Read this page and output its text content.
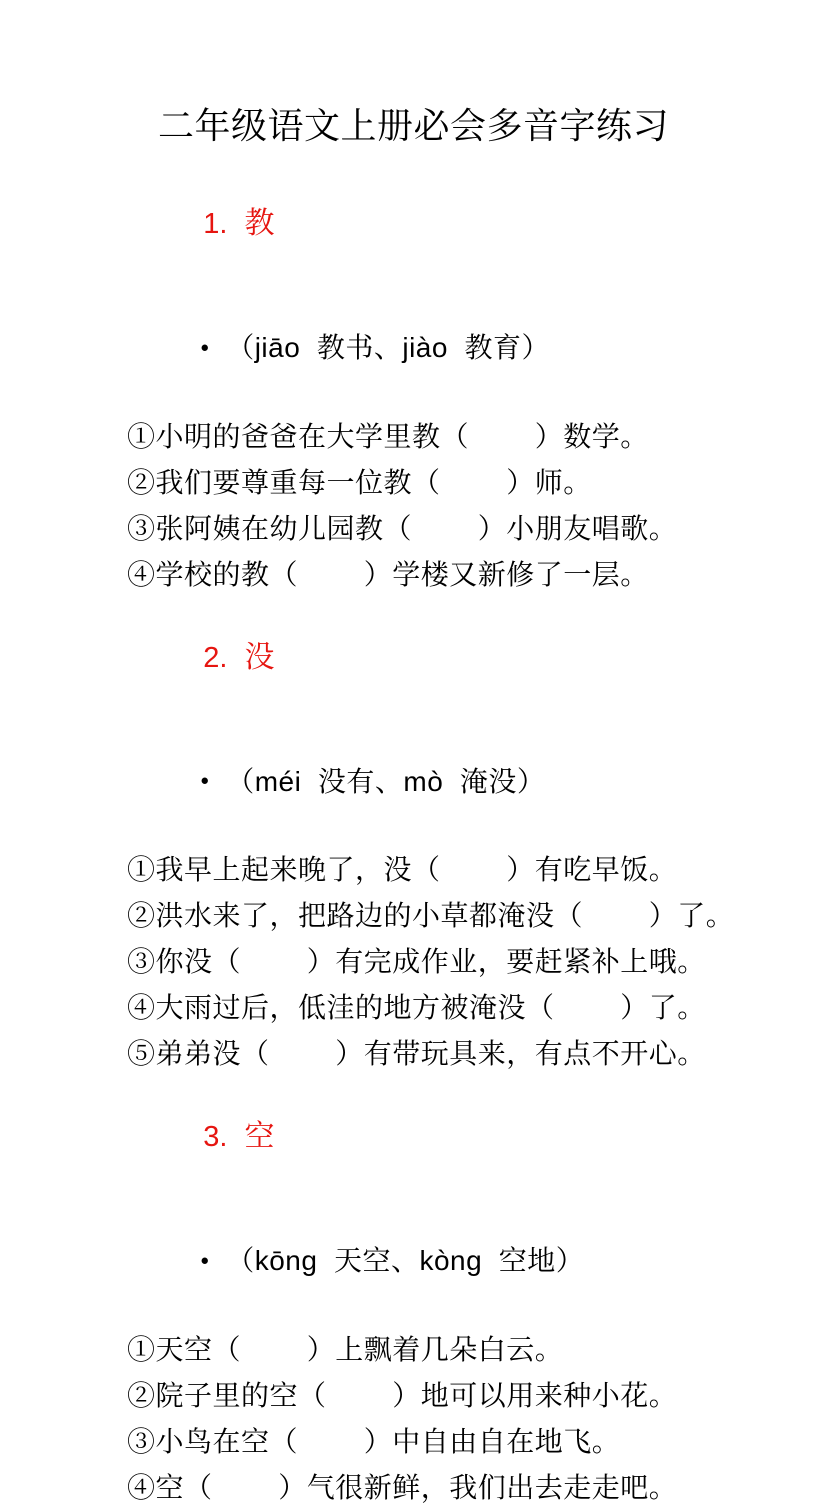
二年级语文上册必会多音字练习

1. 教

• （jiāo  教书、jiào  教育）

①小明的爸爸在大学里教（       ）数学。
②我们要尊重每一位教（       ）师。
③张阿姨在幼儿园教（       ）小朋友唱歌。
④学校的教（       ）学楼又新修了一层。

2. 没

• （méi  没有、mò  淹没）

①我早上起来晚了，没（       ）有吃早饭。
②洪水来了，把路边的小草都淹没（       ）了。
③你没（       ）有完成作业，要赶紧补上哦。
④大雨过后，低洼的地方被淹没（       ）了。
⑤弟弟没（       ）有带玩具来，有点不开心。

3. 空

• （kōng  天空、kòng  空地）

①天空（       ）上飘着几朵白云。
②院子里的空（       ）地可以用来种小花。
③小鸟在空（       ）中自由自在地飞。
④空（       ）气很新鲜，我们出去走走吧。
